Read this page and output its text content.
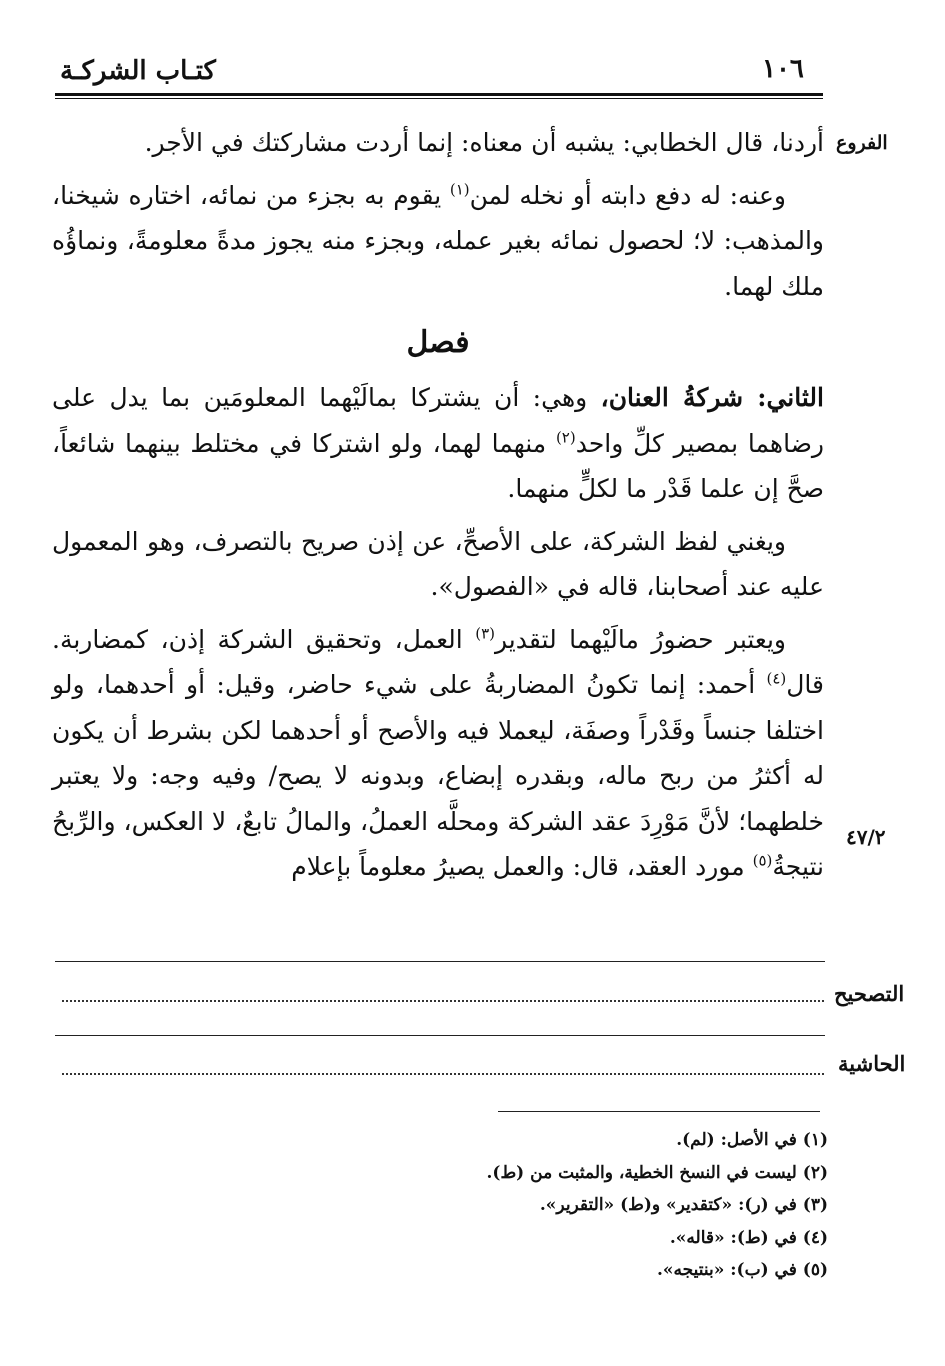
كتـاب الشركـة	١٠٦
الفروع
٤٧/٢

أردنا، قال الخطابي: يشبه أن معناه: إنما أردت مشاركتك في الأجر.

وعنه: له دفع دابته أو نخله لمن$^{(١)}$ يقوم به بجزء من نمائه، اختاره شيخنا، والمذهب: لا؛ لحصول نمائه بغير عمله، وبجزء منه يجوز مدةً معلومةً، ونماؤُه ملك لهما.

فصل

الثاني: شركةُ العنان، وهي: أن يشتركا بمالَيْهما المعلومَين بما يدل على رضاهما بمصير كلِّ واحد$^{(٢)}$ منهما لهما، ولو اشتركا في مختلط بينهما شائعاً، صحَّ إن علما قَدْر ما لكلٍّ منهما.

ويغني لفظ الشركة، على الأصحِّ، عن إذن صريح بالتصرف، وهو المعمول عليه عند أصحابنا، قاله في «الفصول».

ويعتبر حضورُ مالَيْهما لتقدير$^{(٣)}$ العمل، وتحقيق الشركة إذن، كمضاربة. قال$^{(٤)}$ أحمد: إنما تكونُ المضاربةُ على شيء حاضر، وقيل: أو أحدهما، ولو اختلفا جنساً وقَدْراً وصفَة، ليعملا فيه والأصح أو أحدهما لكن بشرط أن يكون له أكثرُ من ربح ماله، وبقدره إبضاع، وبدونه لا يصح/ وفيه وجه: ولا يعتبر خلطهما؛ لأنَّ مَوْرِدَ عقد الشركة ومحلَّه العملُ، والمالُ تابعٌ، لا العكس، والرِّبحُ نتيجةُ$^{(٥)}$ مورد العقد، قال: والعمل يصيرُ معلوماً بإعلام

التصحيح
الحاشية
(١) في الأصل: (لم).
(٢) ليست في النسخ الخطية، والمثبت من (ط).
(٣) في (ر): «كتقدير» و(ط) «التقرير».
(٤) في (ط): «قاله».
(٥) في (ب): «بنتيجه».
